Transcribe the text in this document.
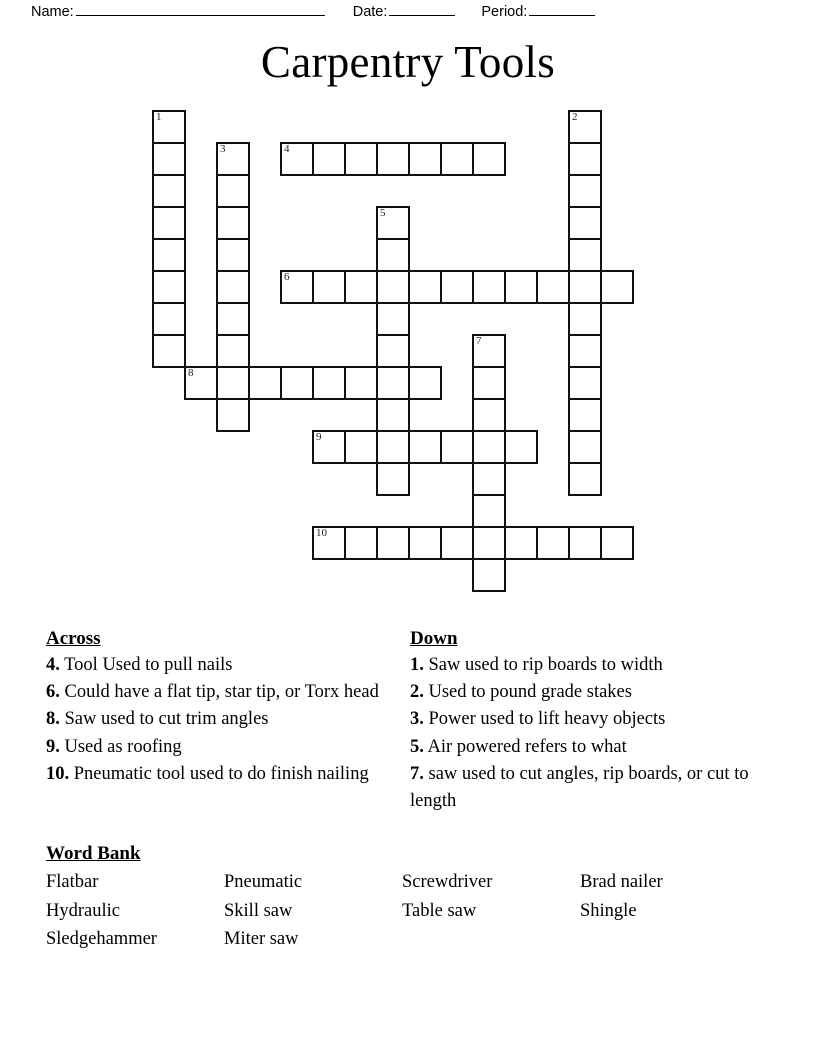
Name:	Date:	Period:
Carpentry Tools
1	2
3	4
5
6
7
8
9
10
Across

4. Tool Used to pull nails

6. Could have a flat tip, star tip, or Torx head

8. Saw used to cut trim angles

9. Used as roofing

10. Pneumatic tool used to do finish nailing

Down

1. Saw used to rip boards to width

2. Used to pound grade stakes

3. Power used to lift heavy objects

5. Air powered refers to what

7. saw used to cut angles, rip boards, or cut to length

Word Bank
Flatbar	Pneumatic	Screwdriver	Brad nailer
Hydraulic	Skill saw	Table saw	Shingle
Sledgehammer	Miter saw
